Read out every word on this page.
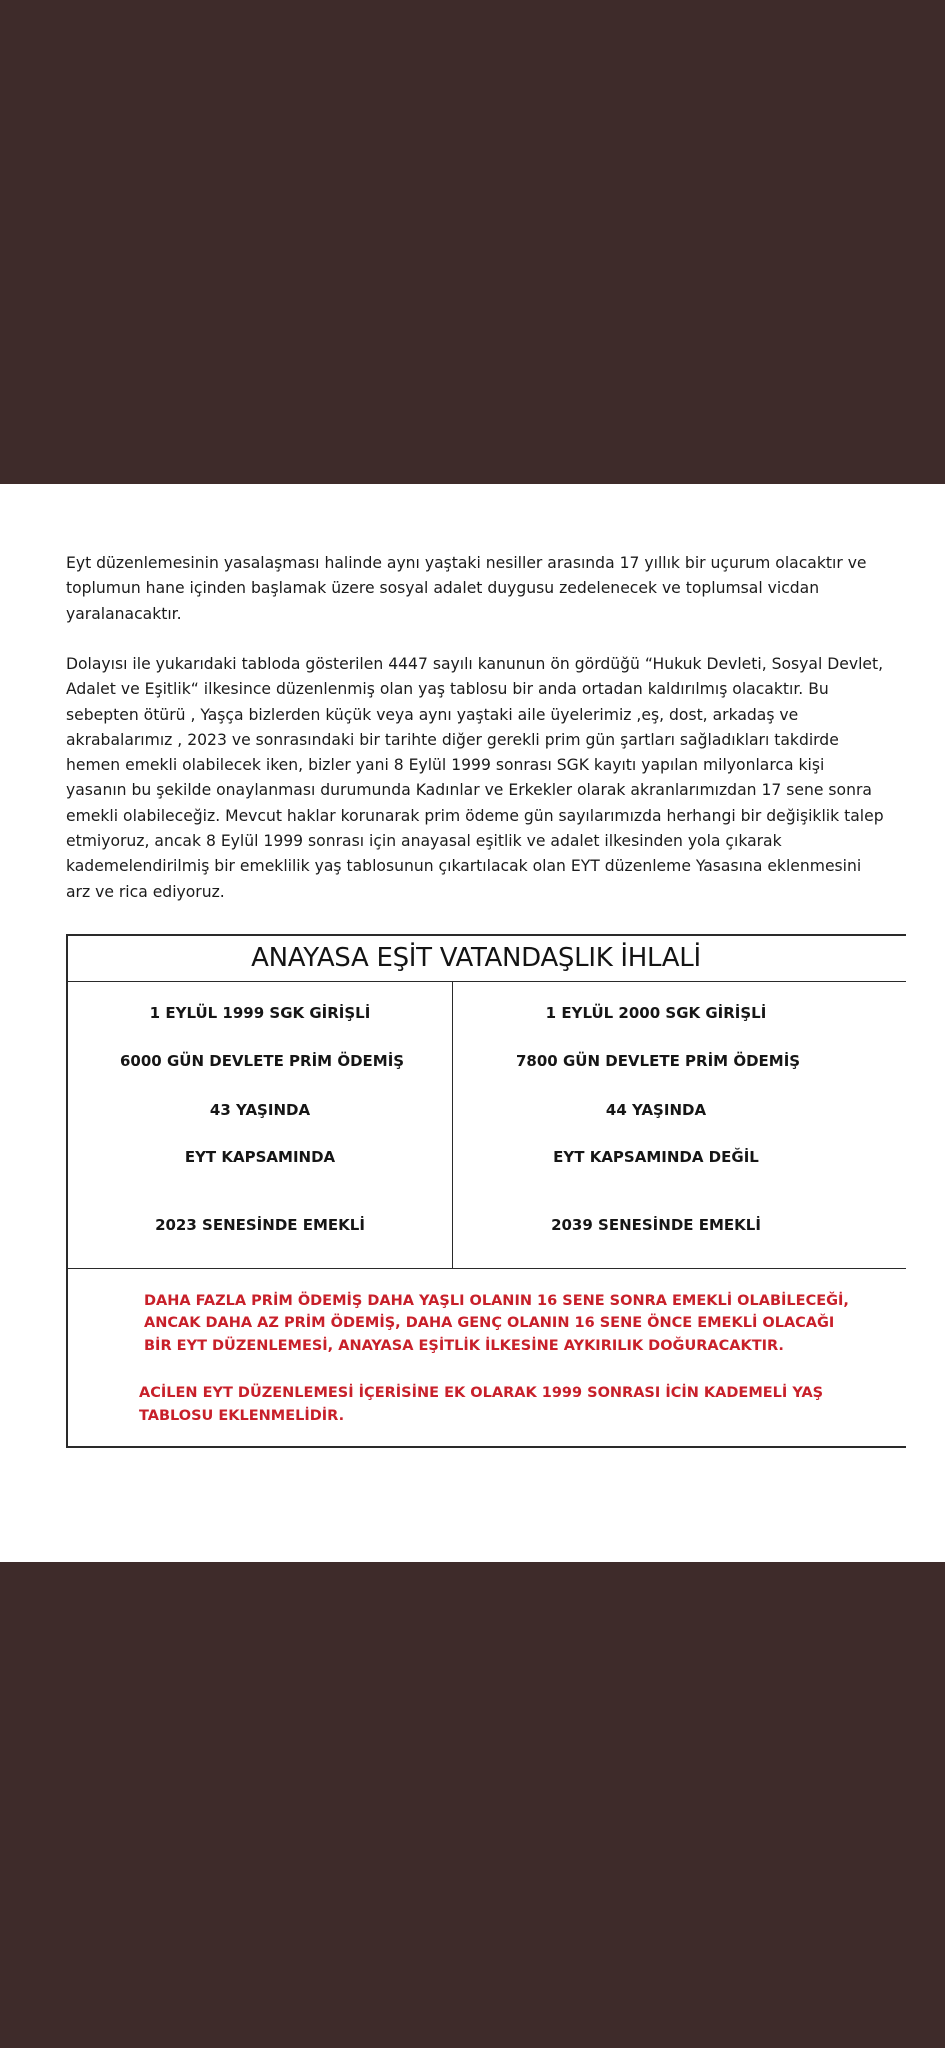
Eyt düzenlemesinin yasalaşması halinde aynı yaştaki nesiller arasında 17 yıllık bir uçurum olacaktır ve toplumun hane içinden başlamak üzere sosyal adalet duygusu zedelenecek ve toplumsal vicdan yaralanacaktır.

Dolayısı ile yukarıdaki tabloda gösterilen 4447 sayılı kanunun ön gördüğü “Hukuk Devleti, Sosyal Devlet, Adalet ve Eşitlik“ ilkesince düzenlenmiş olan yaş tablosu bir anda ortadan kaldırılmış olacaktır. Bu sebepten ötürü , Yaşça bizlerden küçük veya aynı yaştaki aile üyelerimiz ,eş, dost, arkadaş ve akrabalarımız , 2023 ve sonrasındaki bir tarihte diğer gerekli prim gün şartları sağladıkları takdirde hemen emekli olabilecek iken, bizler yani 8 Eylül 1999 sonrası SGK kayıtı yapılan milyonlarca kişi yasanın bu şekilde onaylanması durumunda Kadınlar ve Erkekler olarak akranlarımızdan 17 sene sonra emekli olabileceğiz. Mevcut haklar korunarak prim ödeme gün sayılarımızda herhangi bir değişiklik talep etmiyoruz, ancak 8 Eylül 1999 sonrası için anayasal eşitlik ve adalet ilkesinden yola çıkarak kademelendirilmiş bir emeklilik yaş tablosunun çıkartılacak olan EYT düzenleme Yasasına eklenmesini arz ve rica ediyoruz.

ANAYASA EŞİT VATANDAŞLIK İHLALİ
1 EYLÜL 1999 SGK GİRİŞLİ
6000 GÜN DEVLETE PRİM ÖDEMİŞ
43 YAŞINDA
EYT KAPSAMINDA
2023 SENESİNDE EMEKLİ
1 EYLÜL 2000 SGK GİRİŞLİ
7800 GÜN DEVLETE PRİM ÖDEMİŞ
44 YAŞINDA
EYT KAPSAMINDA DEĞİL
2039 SENESİNDE EMEKLİ

DAHA FAZLA PRİM ÖDEMİŞ DAHA YAŞLI OLANIN 16 SENE SONRA EMEKLİ OLABİLECEĞİ,

ANCAK DAHA AZ PRİM ÖDEMİŞ, DAHA GENÇ OLANIN 16 SENE ÖNCE EMEKLİ OLACAĞI

BİR EYT DÜZENLEMESİ, ANAYASA EŞİTLİK İLKESİNE AYKIRILIK DOĞURACAKTIR.

ACİLEN EYT DÜZENLEMESİ İÇERİSİNE EK OLARAK 1999 SONRASI İCİN KADEMELİ YAŞ

TABLOSU EKLENMELİDİR.
